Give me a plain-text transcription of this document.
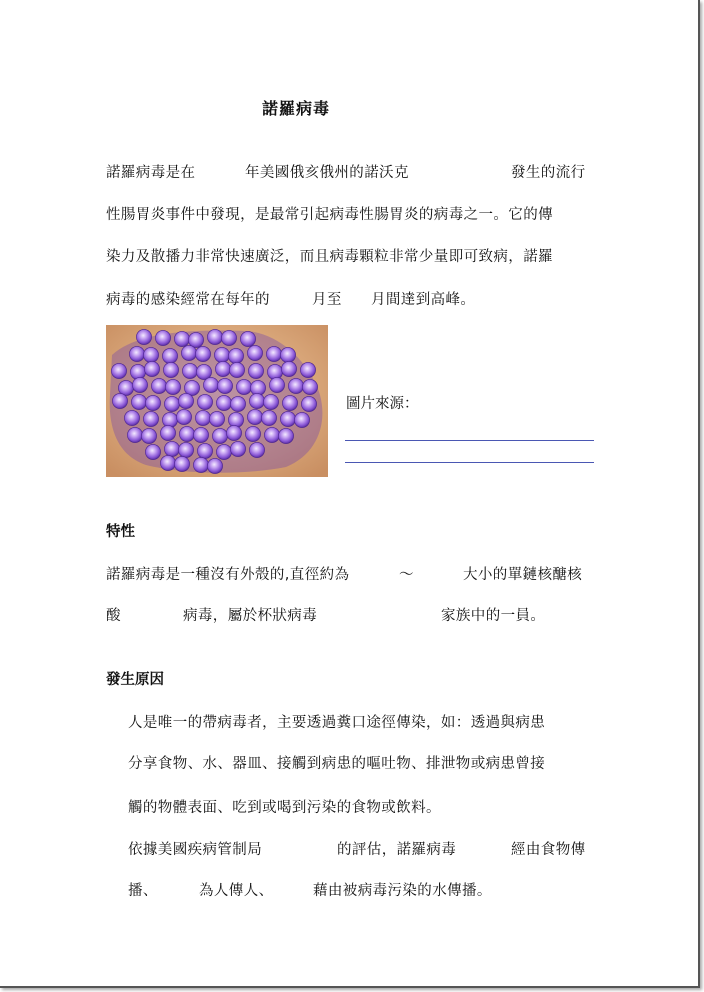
諾羅病毒
諾羅病毒是在	年美國俄亥俄州的諾沃克	發生的流行
性腸胃炎事件中發現，是最常引起病毒性腸胃炎的病毒之一。它的傳
染力及散播力非常快速廣泛，而且病毒顆粒非常少量即可致病，諾羅
病毒的感染經常在每年的	月至 月間達到高峰。
圖片來源：
特性
諾羅病毒是一種沒有外殼的,直徑約為	～	大小的單鏈核醣核
酸	病毒，屬於杯狀病毒	家族中的一員。
發生原因
人是唯一的帶病毒者，主要透過糞口途徑傳染，如：透過與病患
分享食物、水、器皿、接觸到病患的嘔吐物、排泄物或病患曾接
觸的物體表面、吃到或喝到污染的食物或飲料。
依據美國疾病管制局	的評估，諾羅病毒	經由食物傳
播、	為人傳人、	藉由被病毒污染的水傳播。
